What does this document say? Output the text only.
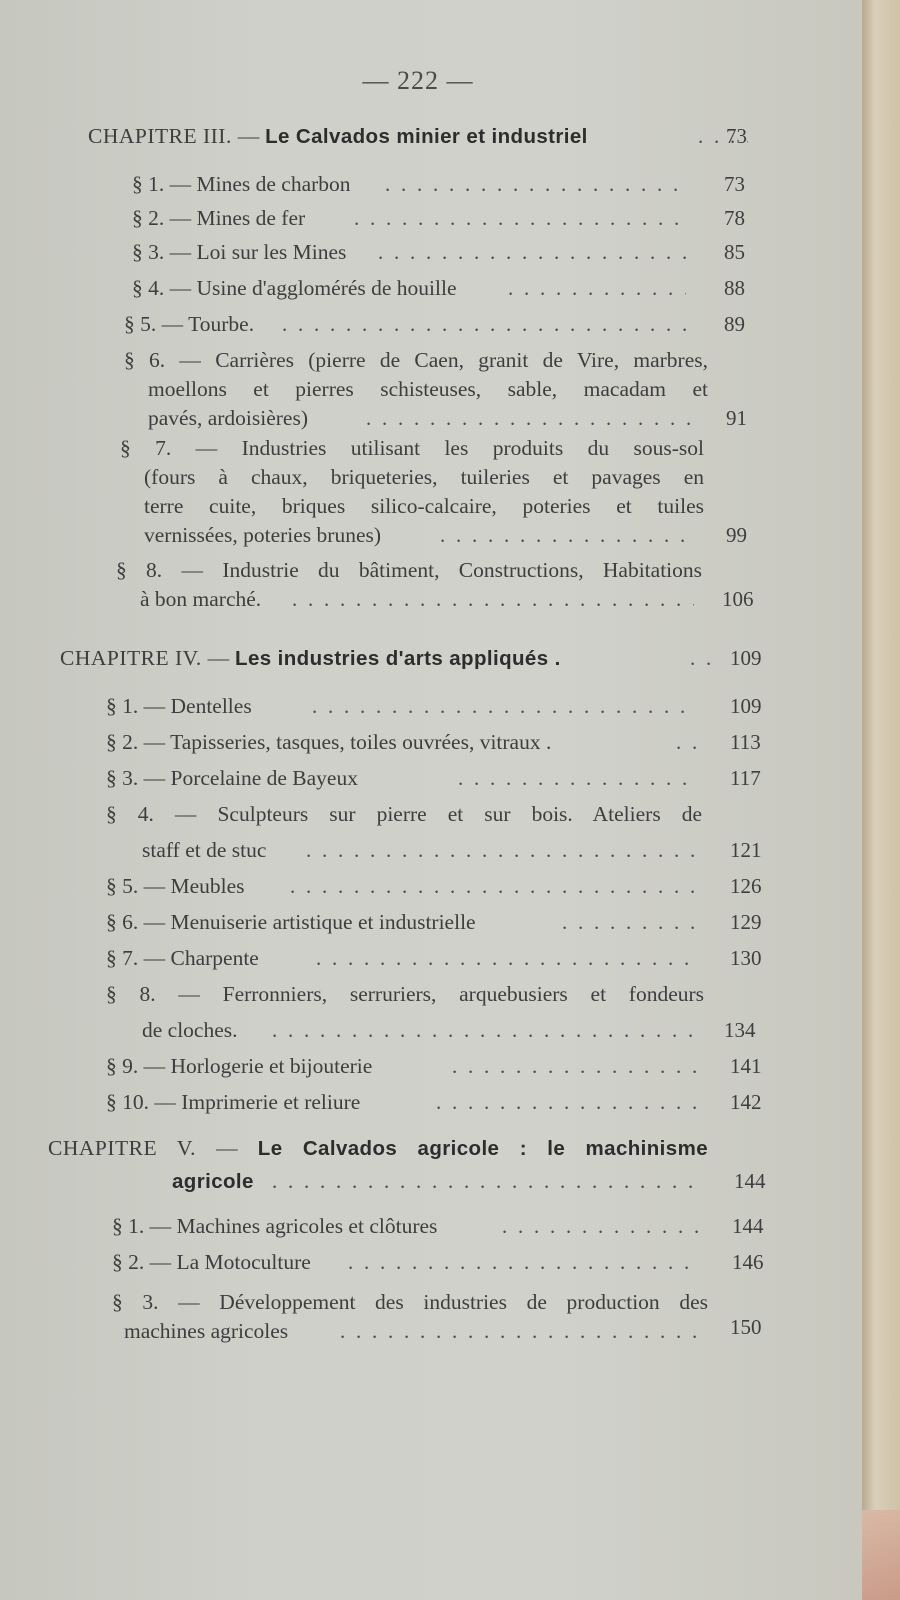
— 222 —
CHAPITRE III. — Le Calvados minier et industriel . . .	73
§ 1. — Mines de charbon . . .	73
§ 2. — Mines de fer . . .	78
§ 3. — Loi sur les Mines . . .	85
§ 4. — Usine d'agglomérés de houille . . .	88
§ 5. — Tourbe. . . .	89
§ 6. — Carrières (pierre de Caen, granit de Vire, marbres,
moellons et pierres schisteuses, sable, macadam et
pavés, ardoisières) . . .	91
§ 7. — Industries utilisant les produits du sous-sol
(fours à chaux, briqueteries, tuileries et pavages en
terre cuite, briques silico-calcaire, poteries et tuiles
vernissées, poteries brunes) . . .	99
§ 8. — Industrie du bâtiment, Constructions, Habitations
à bon marché. . . .	106
CHAPITRE IV. — Les industries d'arts appliqués . . . .	109
§ 1. — Dentelles . . .	109
§ 2. — Tapisseries, tasques, toiles ouvrées, vitraux . . . .	113
§ 3. — Porcelaine de Bayeux . . .	117
§ 4. — Sculpteurs sur pierre et sur bois. Ateliers de
staff et de stuc . . .	121
§ 5. — Meubles . . .	126
§ 6. — Menuiserie artistique et industrielle . . .	129
§ 7. — Charpente . . .	130
§ 8. — Ferronniers, serruriers, arquebusiers et fondeurs
de cloches. . . .	134
§ 9. — Horlogerie et bijouterie . . .	141
§ 10. — Imprimerie et reliure . . .	142
CHAPITRE V. — Le Calvados agricole : le machinisme
agricole . . .	144
§ 1. — Machines agricoles et clôtures . . .	144
§ 2. — La Motoculture . . .	146
§ 3. — Développement des industries de production des
machines agricoles . . .	150
